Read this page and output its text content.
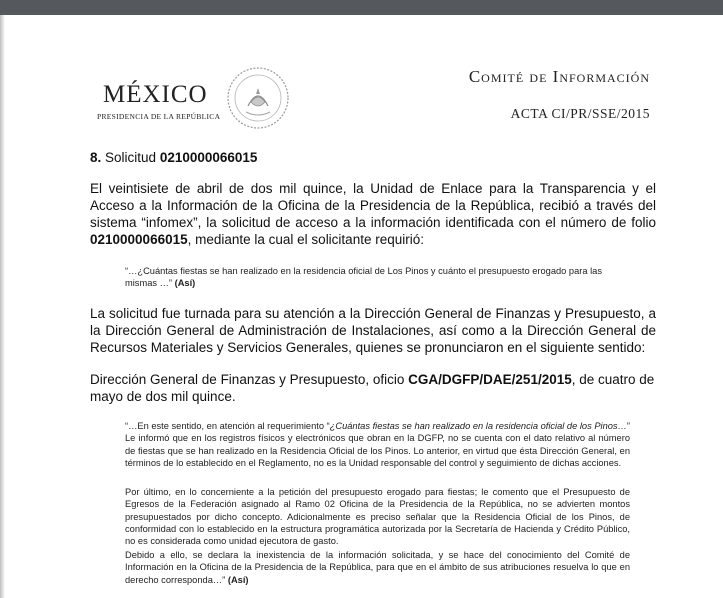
MÉXICO
PRESIDENCIA DE LA REPÚBLICA
Comité de Información
ACTA CI/PR/SSE/2015
8. Solicitud 0210000066015
El veintisiete de abril de dos mil quince, la Unidad de Enlace para la Transparencia y el Acceso a la Información de la Oficina de la Presidencia de la República, recibió a través del sistema “infomex”, la solicitud de acceso a la información identificada con el número de folio 0210000066015, mediante la cual el solicitante requirió:
“…¿Cuántas fiestas se han realizado en la residencia oficial de Los Pinos y cuánto el presupuesto erogado para las mismas …” (Así)
La solicitud fue turnada para su atención a la Dirección General de Finanzas y Presupuesto, a la Dirección General de Administración de Instalaciones, así como a la Dirección General de Recursos Materiales y Servicios Generales, quienes se pronunciaron en el siguiente sentido:
Dirección General de Finanzas y Presupuesto, oficio CGA/DGFP/DAE/251/2015, de cuatro de mayo de dos mil quince.
“…En este sentido, en atención al requerimiento “¿Cuántas fiestas se han realizado en la residencia oficial de los Pinos…” Le informó que en los registros físicos y electrónicos que obran en la DGFP, no se cuenta con el dato relativo al número de fiestas que se han realizado en la Residencia Oficial de los Pinos. Lo anterior, en virtud que ésta Dirección General, en términos de lo establecido en el Reglamento, no es la Unidad responsable del control y seguimiento de dichas acciones.
Por último, en lo concerniente a la petición del presupuesto erogado para fiestas; le comento que el Presupuesto de Egresos de la Federación asignado al Ramo 02 Oficina de la Presidencia de la República, no se advierten montos presupuestados por dicho concepto. Adicionalmente es preciso señalar que la Residencia Oficial de los Pinos, de conformidad con lo establecido en la estructura programática autorizada por la Secretaría de Hacienda y Crédito Público, no es considerada como unidad ejecutora de gasto.
Debido a ello, se declara la inexistencia de la información solicitada, y se hace del conocimiento del Comité de Información en la Oficina de la Presidencia de la República, para que en el ámbito de sus atribuciones resuelva lo que en derecho corresponda…” (Así)
